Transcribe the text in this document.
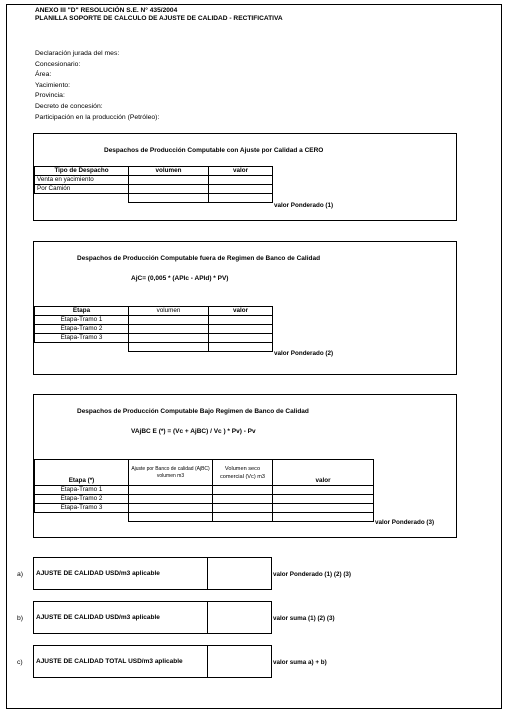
ANEXO III "D" RESOLUCIÓN S.E. N° 435/2004
PLANILLA SOPORTE DE CALCULO DE AJUSTE DE CALIDAD - RECTIFICATIVA
Declaración jurada del mes:
Concesionario:
Área:
Yacimiento:
Provincia:
Decreto de concesión:
Participación en la producción (Petróleo):
Despachos de Producción Computable con Ajuste por Calidad a CERO
Tipo de Despacho	volumen	valor
Venta en yacimiento		
Por Camión		

valor Ponderado (1)
Despachos de Producción Computable fuera de Regimen de Banco de Calidad
AjC= (0,005 * (APIc - APId) * PV)
Etapa	volumen	valor
Etapa-Tramo 1		
Etapa-Tramo 2		
Etapa-Tramo 3		

valor Ponderado (2)
Despachos de Producción Computable Bajo Regimen de Banco de Calidad
VAjBC E (*) = (Vc + AjBC) / Vc ) * Pv) - Pv
Etapa (*)	Ajuste por Banco de calidad (AjBC) volumen m3	Volumen seco comercial (Vc) m3	valor
Etapa-Tramo 1			
Etapa-Tramo 2			
Etapa-Tramo 3			

valor Ponderado (3)
a) AJUSTE DE CALIDAD USD/m3 aplicable	valor Ponderado (1) (2) (3)
b) AJUSTE DE CALIDAD USD/m3 aplicable	valor suma (1) (2) (3)
c) AJUSTE DE CALIDAD TOTAL USD/m3 aplicable	valor suma a) + b)
